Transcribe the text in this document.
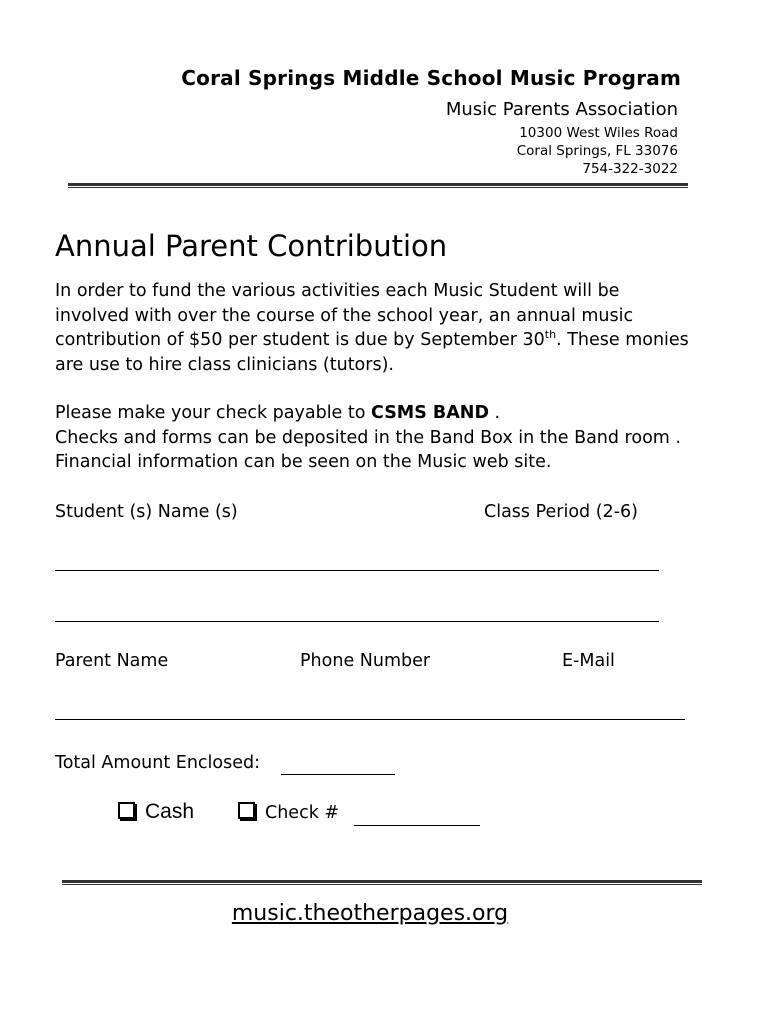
Coral Springs Middle School Music Program
Music Parents Association
10300 West Wiles Road
Coral Springs, FL 33076
754-322-3022
Annual Parent Contribution
In order to fund the various activities each Music Student will be involved with over the course of the school year, an annual music contribution of $50 per student is due by September 30th. These monies are use to hire class clinicians (tutors).
Please make your check payable to CSMS BAND .
Checks and forms can be deposited in the Band Box in the Band room . Financial information can be seen on the Music web site.
Student (s) Name (s)	Class Period (2-6)
Parent Name	Phone Number	E-Mail
Total Amount Enclosed:
Cash	Check #
music.theotherpages.org
